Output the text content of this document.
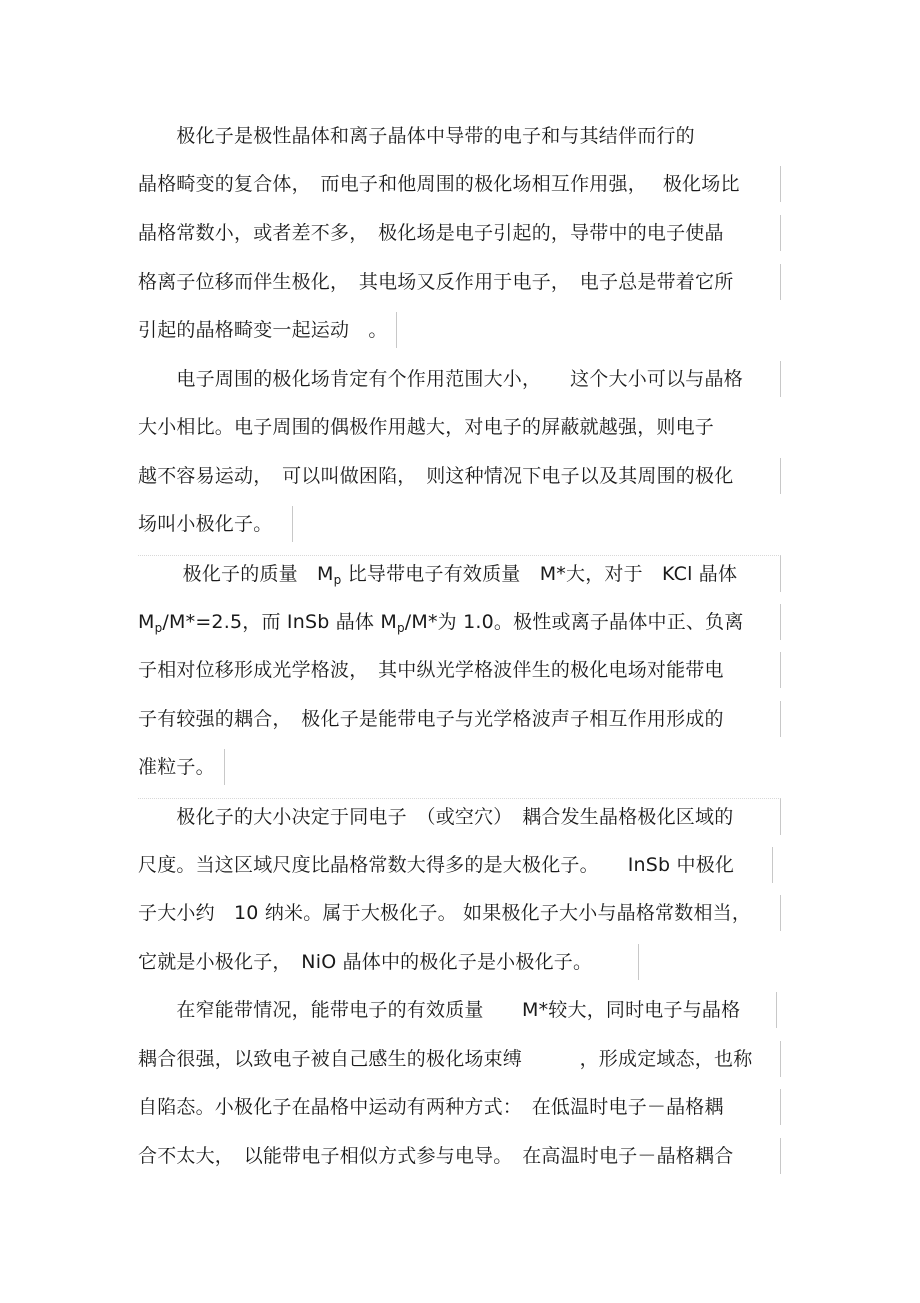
　　极化子是极性晶体和离子晶体中导带的电子和与其结伴而行的
晶格畸变的复合体，　而电子和他周围的极化场相互作用强，　 极化场比
晶格常数小，或者差不多，　极化场是电子引起的，导带中的电子使晶
格离子位移而伴生极化，　其电场又反作用于电子，　电子总是带着它所
引起的晶格畸变一起运动　。
　　电子周围的极化场肯定有个作用范围大小，　　这个大小可以与晶格
大小相比。电子周围的偶极作用越大，对电子的屏蔽就越强，则电子
越不容易运动，　可以叫做困陷，　则这种情况下电子以及其周围的极化
场叫小极化子。
　　 极化子的质量　$M_p$ 比导带电子有效质量　M*大，对于　KCl 晶体
$M_p/M*=2.5$，而 InSb 晶体 $M_p/M*$为 1.0。极性或离子晶体中正、负离
子相对位移形成光学格波，　其中纵光学格波伴生的极化电场对能带电
子有较强的耦合，　极化子是能带电子与光学格波声子相互作用形成的
准粒子。
　　极化子的大小决定于同电子　（或空穴）　耦合发生晶格极化区域的
尺度。当这区域尺度比晶格常数大得多的是大极化子。　　InSb 中极化
子大小约　10 纳米。属于大极化子。 如果极化子大小与晶格常数相当，
它就是小极化子，　NiO 晶体中的极化子是小极化子。
　　在窄能带情况，能带电子的有效质量　　M*较大，同时电子与晶格
耦合很强，以致电子被自己感生的极化场束缚　　　，形成定域态，也称
自陷态。小极化子在晶格中运动有两种方式：　在低温时电子－晶格耦
合不太大，　以能带电子相似方式参与电导。　在高温时电子－晶格耦合
